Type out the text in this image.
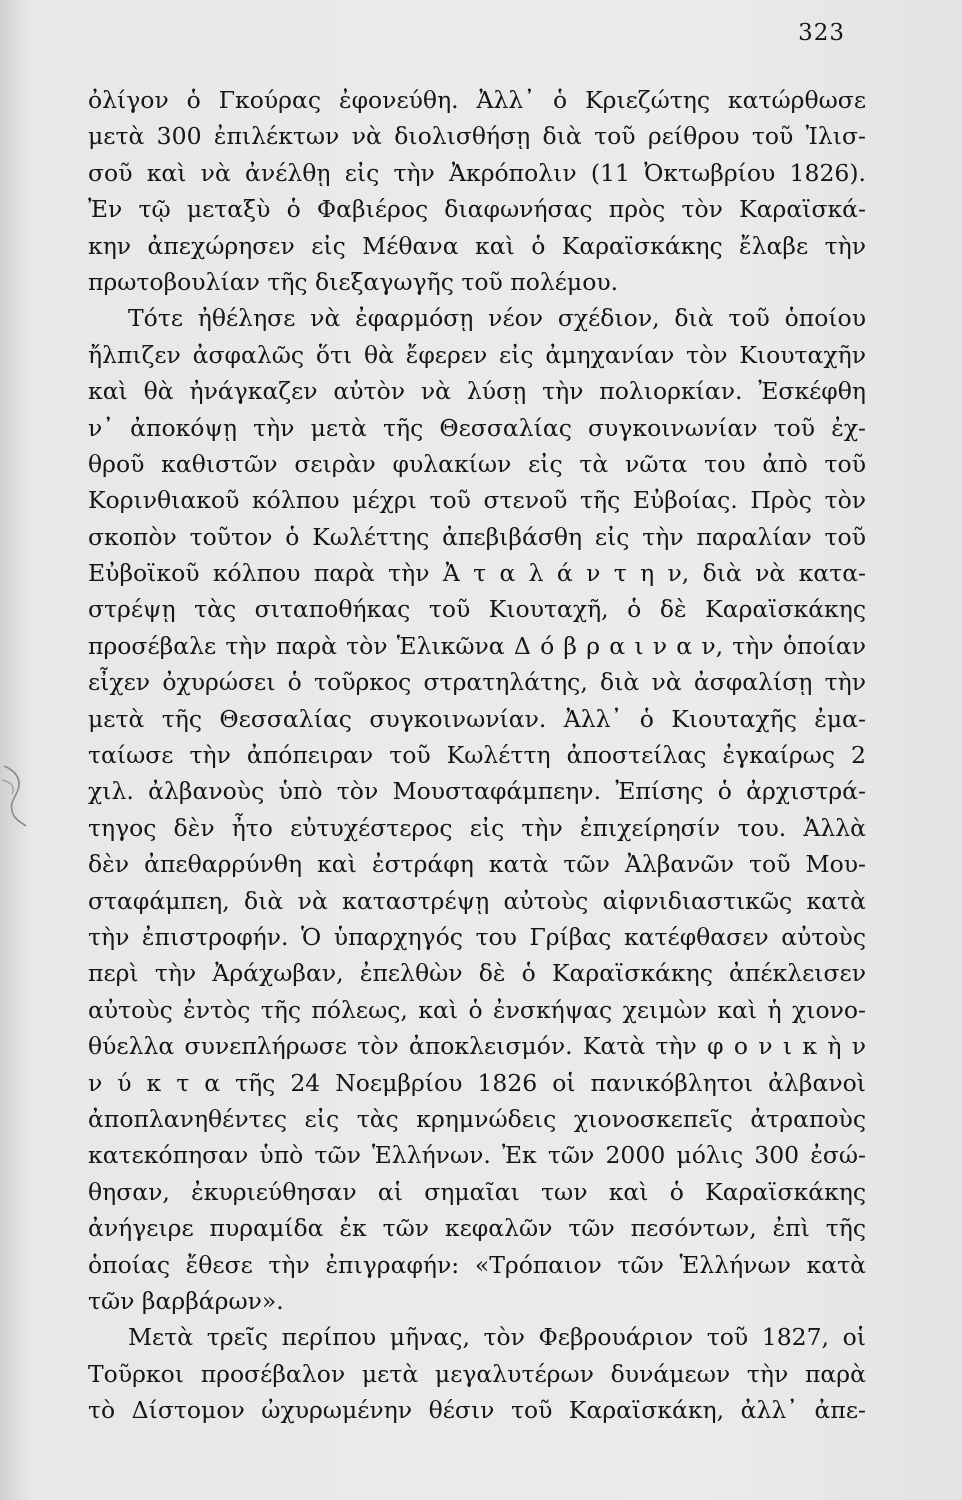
323
ὀλίγον ὁ Γκούρας ἐφονεύθη. Ἀλλ᾽ ὁ Κριεζώτης κατώρθωσε
μετὰ 300 ἐπιλέκτων νὰ διολισθήσῃ διὰ τοῦ ρείθρου τοῦ Ἰλισ-
σοῦ καὶ νὰ ἀνέλθῃ εἰς τὴν Ἀκρόπολιν (11 Ὀκτωβρίου 1826).
Ἐν τῷ μεταξὺ ὁ Φαβιέρος διαφωνήσας πρὸς τὸν Καραϊσκά-
κην ἀπεχώρησεν εἰς Μέθανα καὶ ὁ Καραϊσκάκης ἔλαβε τὴν
πρωτοβουλίαν τῆς διεξαγωγῆς τοῦ πολέμου.
Τότε ἠθέλησε νὰ ἐφαρμόσῃ νέον σχέδιον, διὰ τοῦ ὁποίου
ἤλπιζεν ἀσφαλῶς ὅτι θὰ ἔφερεν εἰς ἀμηχανίαν τὸν Κιουταχῆν
καὶ θὰ ἠνάγκαζεν αὐτὸν νὰ λύσῃ τὴν πολιορκίαν. Ἐσκέφθη
ν᾽ ἀποκόψῃ τὴν μετὰ τῆς Θεσσαλίας συγκοινωνίαν τοῦ ἐχ-
θροῦ καθιστῶν σειρὰν φυλακίων εἰς τὰ νῶτα του ἀπὸ τοῦ
Κορινθιακοῦ κόλπου μέχρι τοῦ στενοῦ τῆς Εὐβοίας. Πρὸς τὸν
σκοπὸν τοῦτον ὁ Κωλέττης ἀπεβιβάσθη εἰς τὴν παραλίαν τοῦ
Εὐβοϊκοῦ κόλπου παρὰ τὴν Ἀ τ α λ ά ν τ η ν, διὰ νὰ κατα-
στρέψῃ τὰς σιταποθήκας τοῦ Κιουταχῆ, ὁ δὲ Καραϊσκάκης
προσέβαλε τὴν παρὰ τὸν Ἑλικῶνα Δ ό β ρ α ι ν α ν, τὴν ὁποίαν
εἶχεν ὀχυρώσει ὁ τοῦρκος στρατηλάτης, διὰ νὰ ἀσφαλίσῃ τὴν
μετὰ τῆς Θεσσαλίας συγκοινωνίαν. Ἀλλ᾽ ὁ Κιουταχῆς ἐμα-
ταίωσε τὴν ἀπόπειραν τοῦ Κωλέττη ἀποστείλας ἐγκαίρως 2
χιλ. ἀλβανοὺς ὑπὸ τὸν Μουσταφάμπεην. Ἐπίσης ὁ ἀρχιστρά-
τηγος δὲν ἦτο εὐτυχέστερος εἰς τὴν ἐπιχείρησίν του. Ἀλλὰ
δὲν ἀπεθαρρύνθη καὶ ἐστράφη κατὰ τῶν Ἀλβανῶν τοῦ Μου-
σταφάμπεη, διὰ νὰ καταστρέψῃ αὐτοὺς αἰφνιδιαστικῶς κατὰ
τὴν ἐπιστροφήν. Ὁ ὑπαρχηγός του Γρίβας κατέφθασεν αὐτοὺς
περὶ τὴν Ἀράχωβαν, ἐπελθὼν δὲ ὁ Καραϊσκάκης ἀπέκλεισεν
αὐτοὺς ἐντὸς τῆς πόλεως, καὶ ὁ ἐνσκήψας χειμὼν καὶ ἡ χιονο-
θύελλα συνεπλήρωσε τὸν ἀποκλεισμόν. Κατὰ τὴν φ ο ν ι κ ὴ ν
ν ύ κ τ α τῆς 24 Νοεμβρίου 1826 οἱ πανικόβλητοι ἀλβανοὶ
ἀποπλανηθέντες εἰς τὰς κρημνώδεις χιονοσκεπεῖς ἀτραποὺς
κατεκόπησαν ὑπὸ τῶν Ἑλλήνων. Ἐκ τῶν 2000 μόλις 300 ἐσώ-
θησαν, ἐκυριεύθησαν αἱ σημαῖαι των καὶ ὁ Καραϊσκάκης
ἀνήγειρε πυραμίδα ἐκ τῶν κεφαλῶν τῶν πεσόντων, ἐπὶ τῆς
ὁποίας ἔθεσε τὴν ἐπιγραφήν: «Τρόπαιον τῶν Ἑλλήνων κατὰ
τῶν βαρβάρων».
Μετὰ τρεῖς περίπου μῆνας, τὸν Φεβρουάριον τοῦ 1827, οἱ
Τοῦρκοι προσέβαλον μετὰ μεγαλυτέρων δυνάμεων τὴν παρὰ
τὸ Δίστομον ὠχυρωμένην θέσιν τοῦ Καραϊσκάκη, ἀλλ᾽ ἀπε-
